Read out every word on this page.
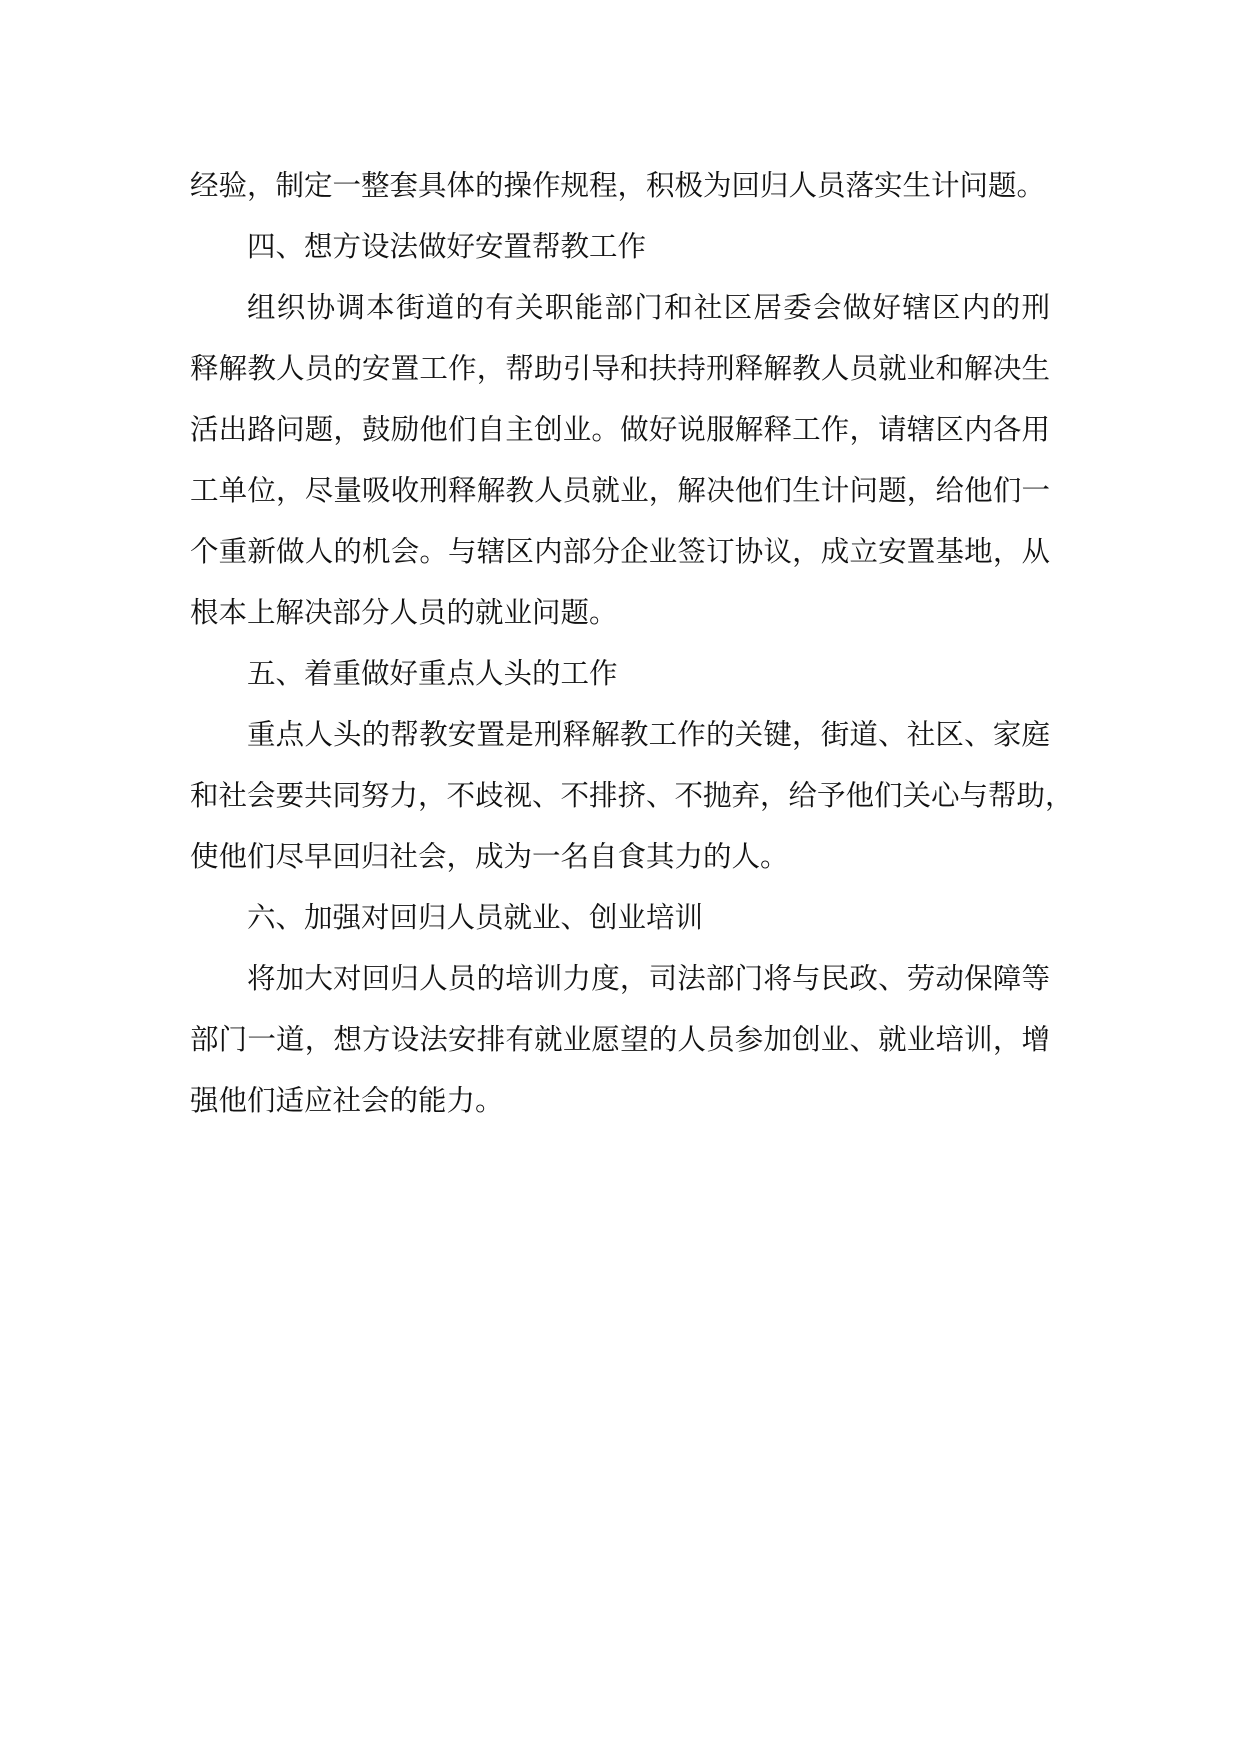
经验，制定一整套具体的操作规程，积极为回归人员落实生计问题。
四、想方设法做好安置帮教工作
组织协调本街道的有关职能部门和社区居委会做好辖区内的刑
释解教人员的安置工作，帮助引导和扶持刑释解教人员就业和解决生
活出路问题，鼓励他们自主创业。做好说服解释工作，请辖区内各用
工单位，尽量吸收刑释解教人员就业，解决他们生计问题，给他们一
个重新做人的机会。与辖区内部分企业签订协议，成立安置基地，从
根本上解决部分人员的就业问题。
五、着重做好重点人头的工作
重点人头的帮教安置是刑释解教工作的关键，街道、社区、家庭
和社会要共同努力，不歧视、不排挤、不抛弃，给予他们关心与帮助，
使他们尽早回归社会，成为一名自食其力的人。
六、加强对回归人员就业、创业培训
将加大对回归人员的培训力度，司法部门将与民政、劳动保障等
部门一道，想方设法安排有就业愿望的人员参加创业、就业培训，增
强他们适应社会的能力。
